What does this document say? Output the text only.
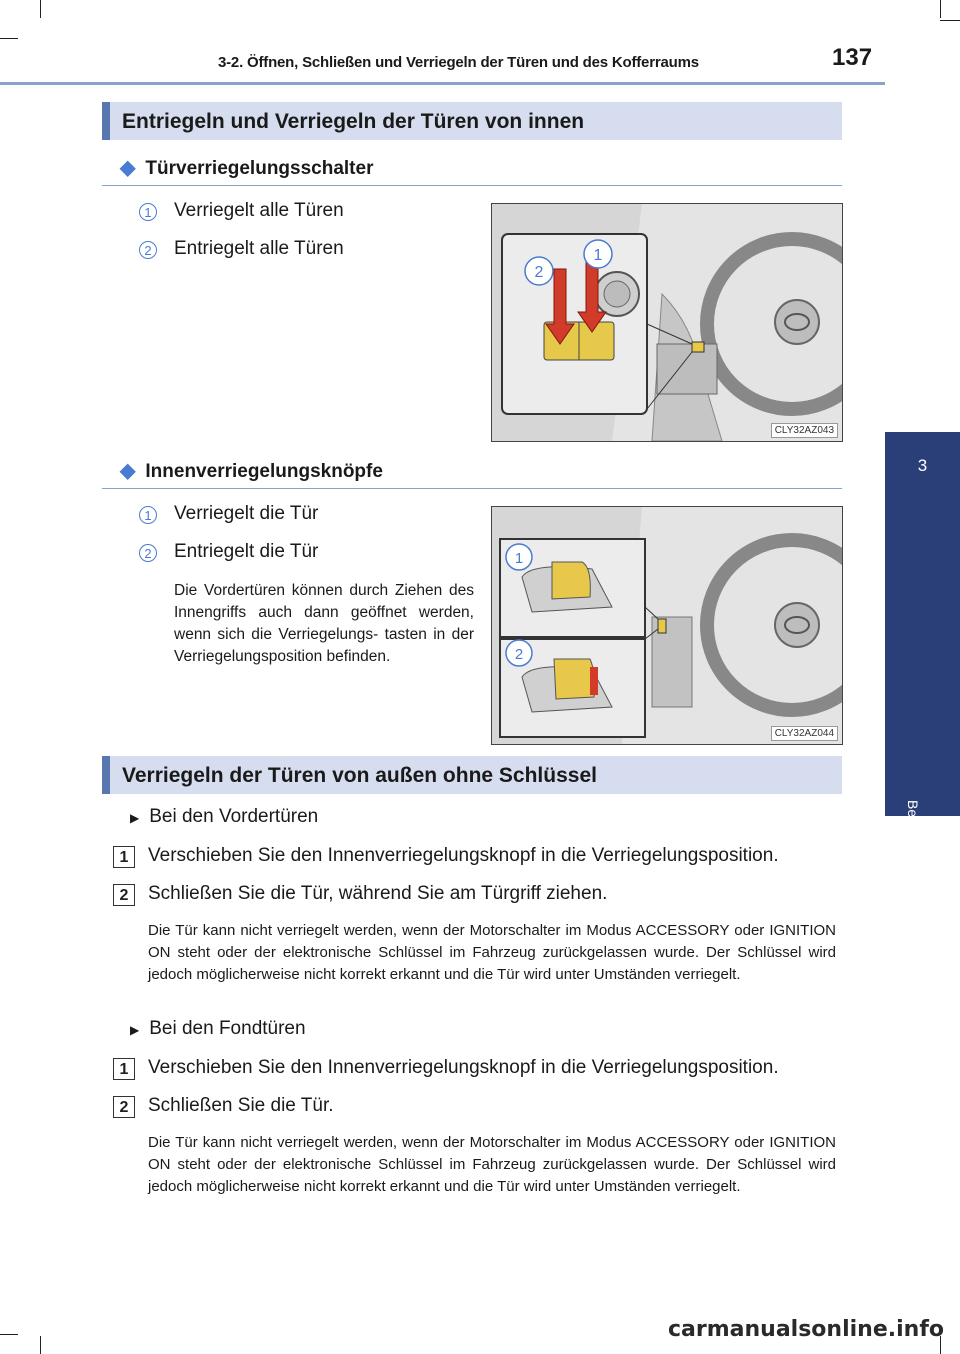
3-2. Öffnen, Schließen und Verriegeln der Türen und des Kofferraums	137
3
Bedienung der einzelnen Elemente
Entriegeln und Verriegeln der Türen von innen
◆ Türverriegelungsschalter
1 Verriegelt alle Türen
2 Entriegelt alle Türen
2
1
CLY32AZ043
◆ Innenverriegelungsknöpfe
1 Verriegelt die Tür
2 Entriegelt die Tür
Die Vordertüren können durch Ziehen des Innengriffs auch dann geöffnet werden, wenn sich die Verriegelungs- tasten in der Verriegelungsposition befinden.
1
2
CLY32AZ044
Verriegeln der Türen von außen ohne Schlüssel
▶ Bei den Vordertüren
1	Verschieben Sie den Innenverriegelungsknopf in die Verriegelungsposition.
2	Schließen Sie die Tür, während Sie am Türgriff ziehen.
Die Tür kann nicht verriegelt werden, wenn der Motorschalter im Modus ACCESSORY oder IGNITION ON steht oder der elektronische Schlüssel im Fahrzeug zurückgelassen wurde. Der Schlüssel wird jedoch möglicherweise nicht korrekt erkannt und die Tür wird unter Umständen verriegelt.
▶ Bei den Fondtüren
1	Verschieben Sie den Innenverriegelungsknopf in die Verriegelungsposition.
2	Schließen Sie die Tür.
Die Tür kann nicht verriegelt werden, wenn der Motorschalter im Modus ACCESSORY oder IGNITION ON steht oder der elektronische Schlüssel im Fahrzeug zurückgelassen wurde. Der Schlüssel wird jedoch möglicherweise nicht korrekt erkannt und die Tür wird unter Umständen verriegelt.
carmanualsonline.info
